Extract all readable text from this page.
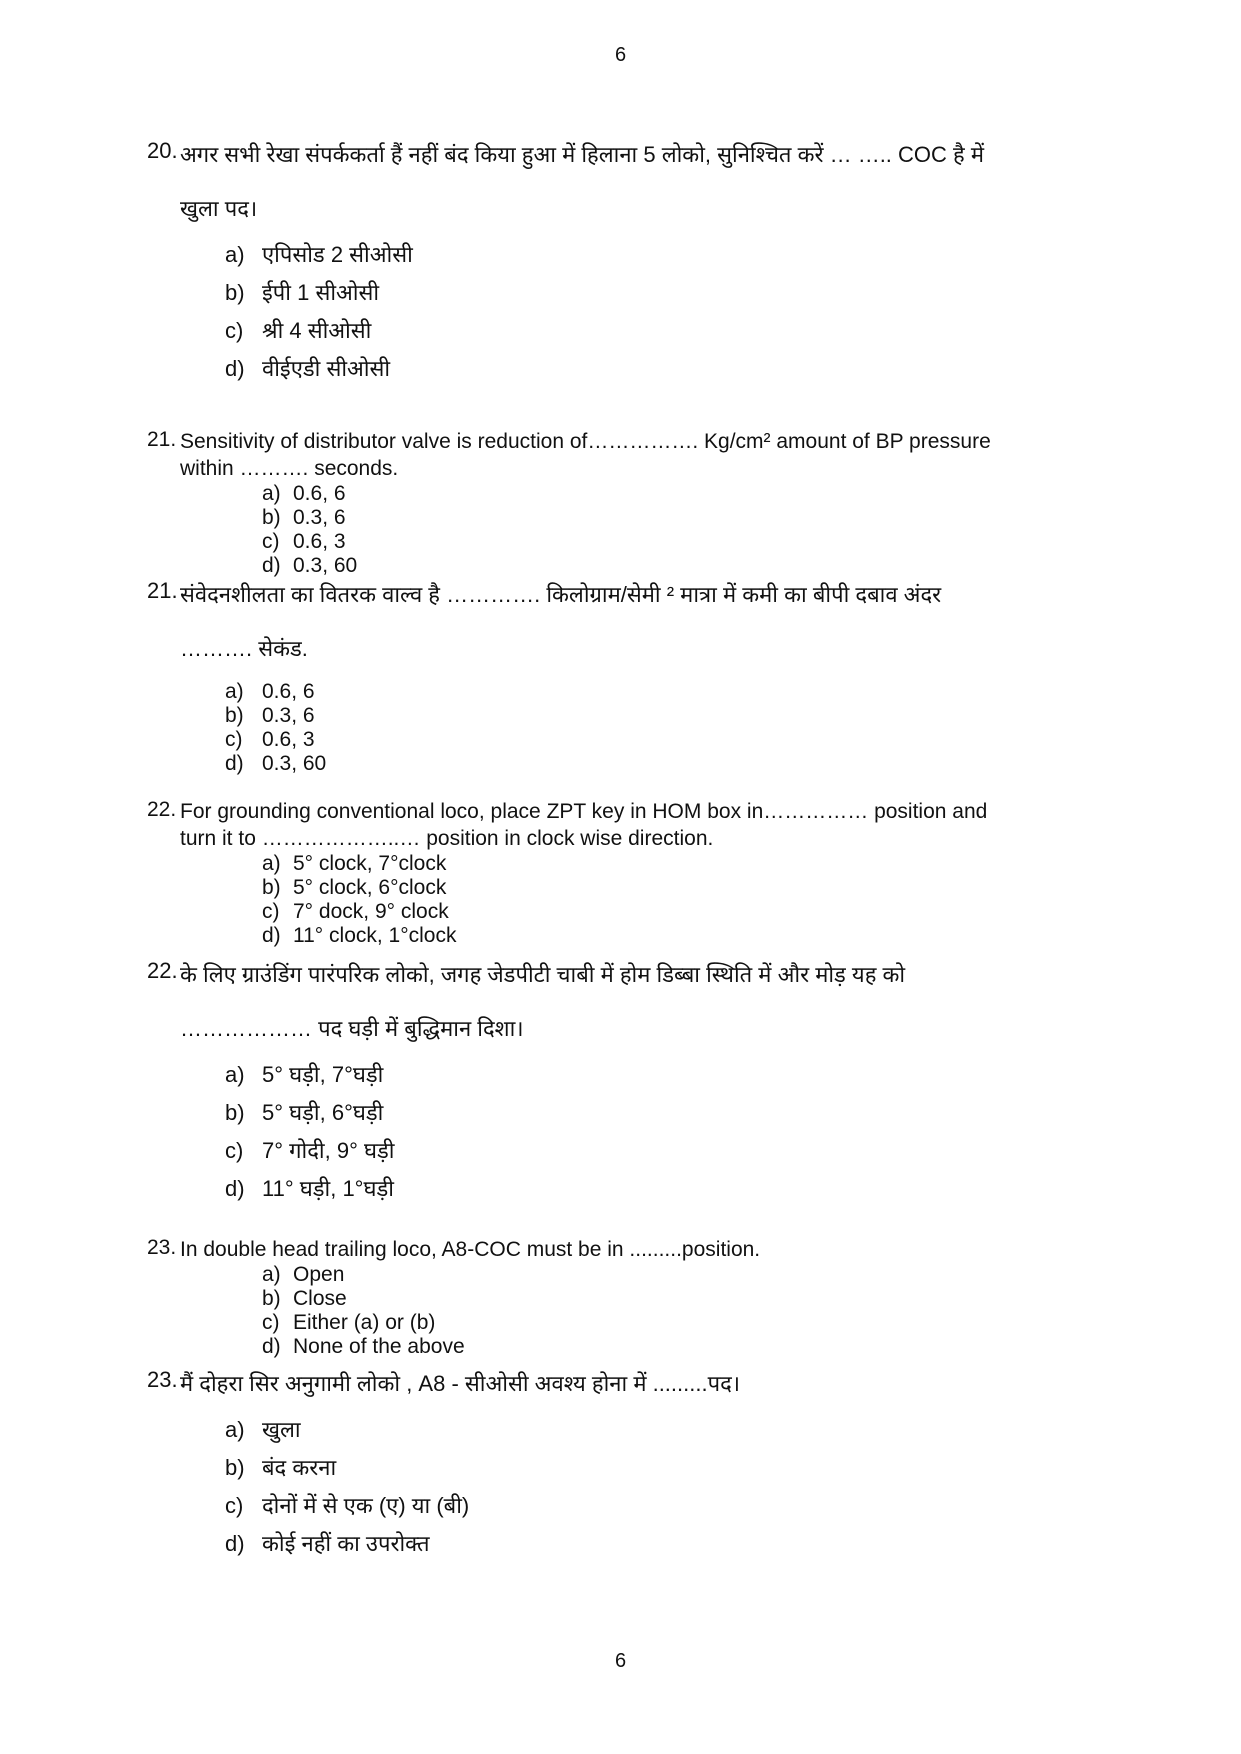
6
20. अगर सभी रेखा संपर्ककर्ता हैं नहीं बंद किया हुआ में हिलाना 5 लोको, सुनिश्चित करें … ….. COC है में
खुला पद।
a) एपिसोड 2 सीओसी
b) ईपी 1 सीओसी
c) श्री 4 सीओसी
d) वीईएडी सीओसी
21. Sensitivity of distributor valve is reduction of……………. Kg/cm² amount of BP pressure
within ………. seconds.
a) 0.6, 6
b) 0.3, 6
c) 0.6, 3
d) 0.3, 60
21. संवेदनशीलता का वितरक वाल्व है …………. किलोग्राम/सेमी ² मात्रा में कमी का बीपी दबाव अंदर
………. सेकंड.
a) 0.6, 6
b) 0.3, 6
c) 0.6, 3
d) 0.3, 60
22. For grounding conventional loco, place ZPT key in HOM box in…………… position and
turn it to ………………..… position in clock wise direction.
a) 5° clock, 7°clock
b) 5° clock, 6°clock
c) 7° dock, 9° clock
d) 11° clock, 1°clock
22. के लिए ग्राउंडिंग पारंपरिक लोको, जगह जेडपीटी चाबी में होम डिब्बा स्थिति में और मोड़ यह को
……………… पद घड़ी में बुद्धिमान दिशा।
a) 5° घड़ी, 7°घड़ी
b) 5° घड़ी, 6°घड़ी
c) 7° गोदी, 9° घड़ी
d) 11° घड़ी, 1°घड़ी
23. In double head trailing loco, A8-COC must be in .........position.
a) Open
b) Close
c) Either (a) or (b)
d) None of the above
23. मैं दोहरा सिर अनुगामी लोको , A8 - सीओसी अवश्य होना में .........पद।
a) खुला
b) बंद करना
c) दोनों में से एक (ए) या (बी)
d) कोई नहीं का उपरोक्त
6
